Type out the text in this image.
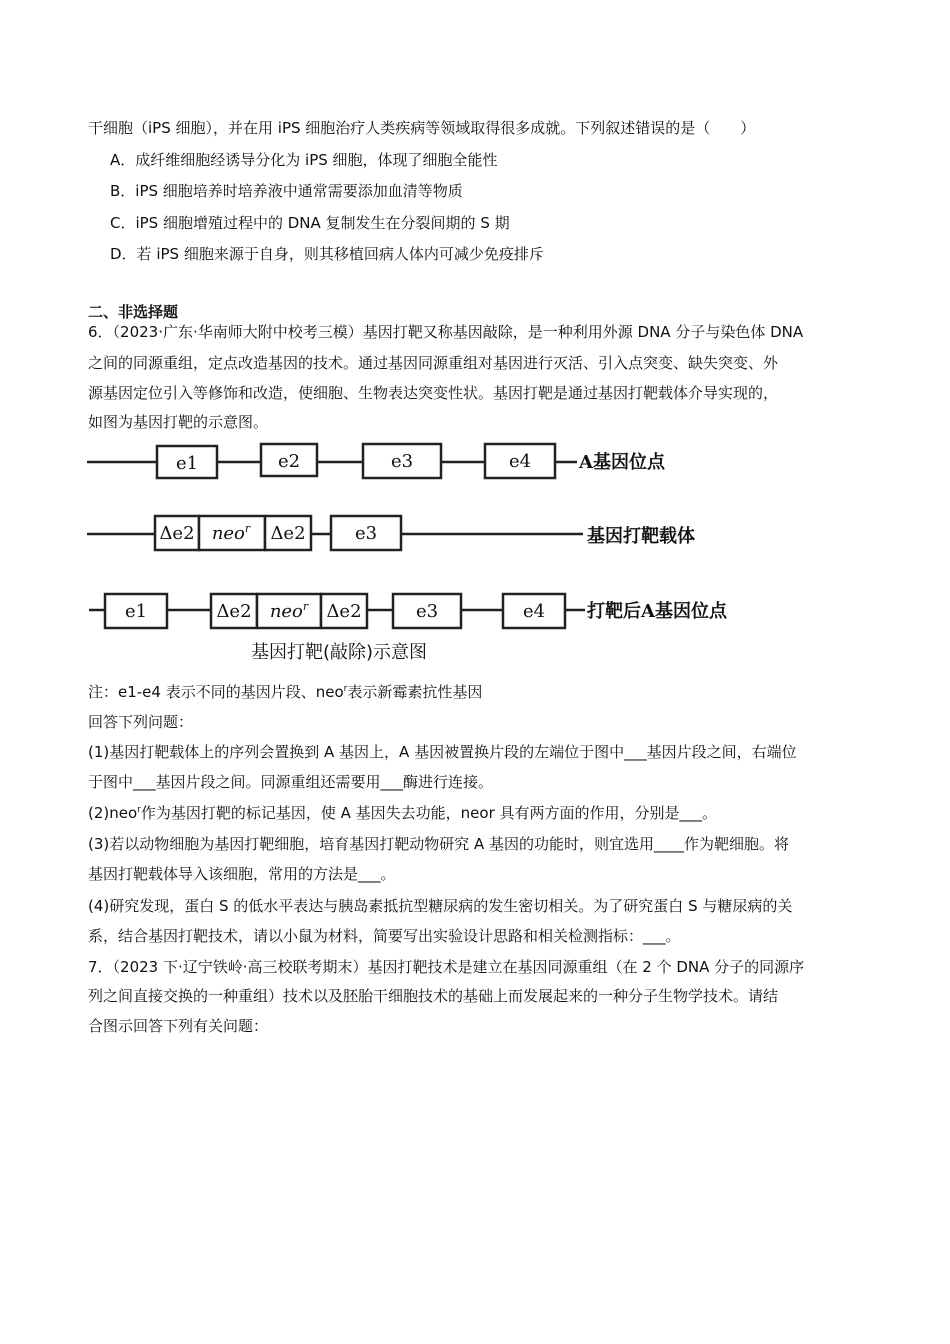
干细胞（iPS 细胞），并在用 iPS 细胞治疗人类疾病等领域取得很多成就。下列叙述错误的是（　　）
A．成纤维细胞经诱导分化为 iPS 细胞，体现了细胞全能性
B．iPS 细胞培养时培养液中通常需要添加血清等物质
C．iPS 细胞增殖过程中的 DNA 复制发生在分裂间期的 S 期
D．若 iPS 细胞来源于自身，则其移植回病人体内可减少免疫排斥
二、非选择题
6．（2023·广东·华南师大附中校考三模）基因打靶又称基因敲除，是一种利用外源 DNA 分子与染色体 DNA
之间的同源重组，定点改造基因的技术。通过基因同源重组对基因进行灭活、引入点突变、缺失突变、外
源基因定位引入等修饰和改造，使细胞、生物表达突变性状。基因打靶是通过基因打靶载体介导实现的，
如图为基因打靶的示意图。
e1	e2	e3	e4
Δe2 neo$^r$ Δe2	e3
e1	Δe2 neo$^r$ Δe2	e3	e4
A基因位点
基因打靶载体
打靶后A基因位点
基因打靶(敲除)示意图
注：e1-e4 表示不同的基因片段、neo$^r$表示新霉素抗性基因
回答下列问题：
(1)基因打靶载体上的序列会置换到 A 基因上，A 基因被置换片段的左端位于图中___基因片段之间，右端位
于图中___基因片段之间。同源重组还需要用___酶进行连接。
(2)neo$^r$作为基因打靶的标记基因，使 A 基因失去功能，neor 具有两方面的作用，分别是___。
(3)若以动物细胞为基因打靶细胞，培育基因打靶动物研究 A 基因的功能时，则宜选用____作为靶细胞。将
基因打靶载体导入该细胞，常用的方法是___。
(4)研究发现，蛋白 S 的低水平表达与胰岛素抵抗型糖尿病的发生密切相关。为了研究蛋白 S 与糖尿病的关
系，结合基因打靶技术，请以小鼠为材料，简要写出实验设计思路和相关检测指标：___。
7．（2023 下·辽宁铁岭·高三校联考期末）基因打靶技术是建立在基因同源重组（在 2 个 DNA 分子的同源序
列之间直接交换的一种重组）技术以及胚胎干细胞技术的基础上而发展起来的一种分子生物学技术。请结
合图示回答下列有关问题：
